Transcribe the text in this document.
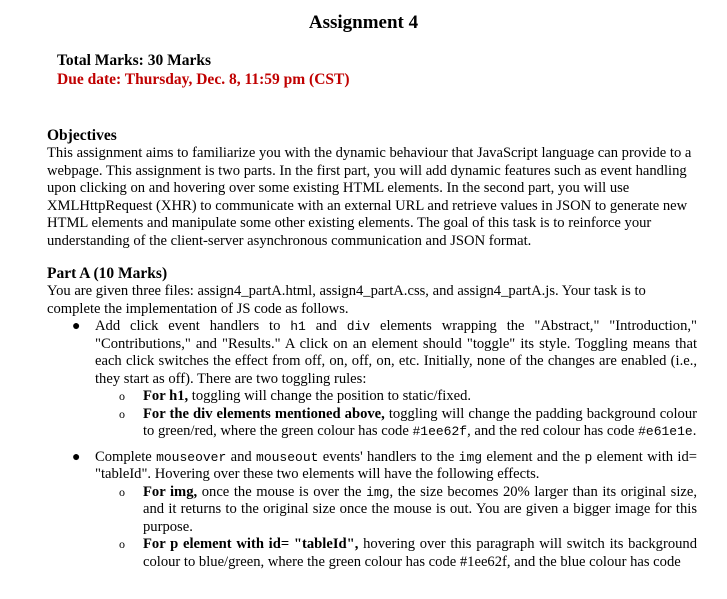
Assignment 4
Total Marks: 30 Marks
Due date: Thursday, Dec. 8, 11:59 pm (CST)
Objectives

This assignment aims to familiarize you with the dynamic behaviour that JavaScript language can provide to a webpage. This assignment is two parts. In the first part, you will add dynamic features such as event handling upon clicking on and hovering over some existing HTML elements. In the second part, you will use XMLHttpRequest (XHR) to communicate with an external URL and retrieve values in JSON to generate new HTML elements and manipulate some other existing elements. The goal of this task is to reinforce your understanding of the client-server asynchronous communication and JSON format.

Part A (10 Marks)

You are given three files: assign4_partA.html, assign4_partA.css, and assign4_partA.js. Your task is to complete the implementation of JS code as follows.

● Add click event handlers to h1 and div elements wrapping the "Abstract," "Introduction," "Contributions," and "Results." A click on an element should "toggle" its style. Toggling means that each click switches the effect from off, on, off, on, etc. Initially, none of the changes are enabled (i.e., they start as off). There are two toggling rules:
o For h1, toggling will change the position to static/fixed.
o For the div elements mentioned above, toggling will change the padding background colour to green/red, where the green colour has code #1ee62f, and the red colour has code #e61e1e.
● Complete mouseover and mouseout events' handlers to the img element and the p element with id= "tableId". Hovering over these two elements will have the following effects.
o For img, once the mouse is over the img, the size becomes 20% larger than its original size, and it returns to the original size once the mouse is out. You are given a bigger image for this purpose.
o For p element with id= "tableId", hovering over this paragraph will switch its background colour to blue/green, where the green colour has code #1ee62f, and the blue colour has code
